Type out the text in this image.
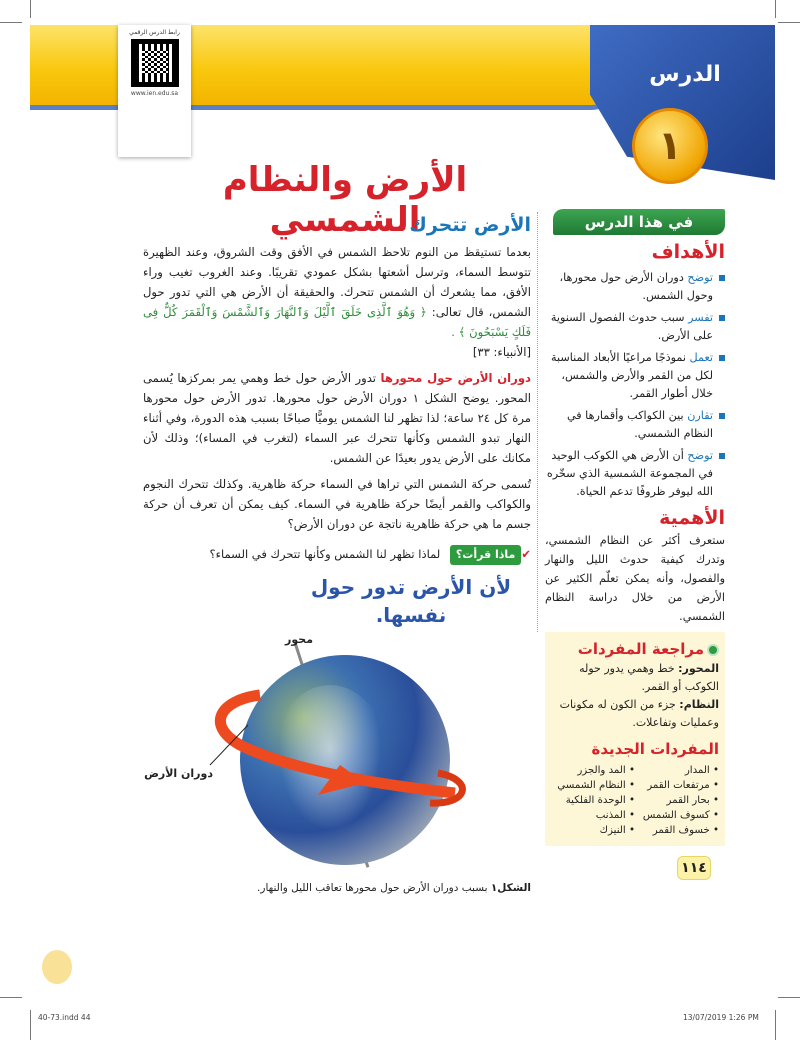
الدرس
١
رابط الدرس الرقمي
www.ien.edu.sa
الأرض والنظام الشمسي
الأرض تتحرك
بعدما تستيقظ من النوم تلاحظ الشمس في الأفق وقت الشروق، وعند الظهيرة تتوسط السماء، وترسل أشعتها بشكل عمودي تقريبًا. وعند الغروب تغيب وراء الأفق، مما يشعرك أن الشمس تتحرك. والحقيقة أن الأرض هي التي تدور حول الشمس، قال تعالى: ﴿ وَهُوَ ٱلَّذِى خَلَقَ ٱلَّيْلَ وَٱلنَّهَارَ وَٱلشَّمْسَ وَٱلْقَمَرَ كُلٌّ فِى فَلَكٍ يَسْبَحُونَ ﴾ .
[الأنبياء: ٣٣]
دوران الأرض حول محورها تدور الأرض حول خط وهمي يمر بمركزها يُسمى المحور. يوضح الشكل ١ دوران الأرض حول محورها. تدور الأرض حول محورها مرة كل ٢٤ ساعة؛ لذا تظهر لنا الشمس يوميًّا صباحًا بسبب هذه الدورة، وفي أثناء النهار تبدو الشمس وكأنها تتحرك عبر السماء (لتغرب في المساء)؛ وذلك لأن مكانك على الأرض يدور بعيدًا عن الشمس.
تُسمى حركة الشمس التي تراها في السماء حركة ظاهرية. وكذلك تتحرك النجوم والكواكب والقمر أيضًا حركة ظاهرية في السماء. كيف يمكن أن تعرف أن حركة جسم ما هي حركة ظاهرية ناتجة عن دوران الأرض؟
✔ماذا قرأت؟ لماذا تظهر لنا الشمس وكأنها تتحرك في السماء؟
لأن الأرض تدور حول نفسها.
محور
دوران الأرض
الشكل١ بسبب دوران الأرض حول محورها تعاقب الليل والنهار.
في هذا الدرس
الأهداف
توضح دوران الأرض حول محورها، وحول الشمس.
تفسر سبب حدوث الفصول السنوية على الأرض.
تعمل نموذجًا مراعيًا الأبعاد المناسبة لكل من القمر والأرض والشمس، خلال أطوار القمر.
تقارن بين الكواكب وأقمارها في النظام الشمسي.
توضح أن الأرض هي الكوكب الوحيد في المجموعة الشمسية الذي سخّره الله ليوفر ظروفًا تدعم الحياة.
الأهمية
ستعرف أكثر عن النظام الشمسي، وتدرك كيفية حدوث الليل والنهار والفصول، وأنه يمكن تعلّم الكثير عن الأرض من خلال دراسة النظام الشمسي.
مراجعة المفردات
المحور: خط وهمي يدور حوله الكوكب أو القمر.
النظام: جزء من الكون له مكونات وعمليات وتفاعلات.
المفردات الجديدة
• المدار
• المد والجزر
• مرتفعات القمر
• النظام الشمسي
• بحار القمر
• الوحدة الفلكية
• كسوف الشمس
• المذنب
• خسوف القمر
• النيزك
١١٤
40-73.indd 44	13/07/2019 1:26 PM
